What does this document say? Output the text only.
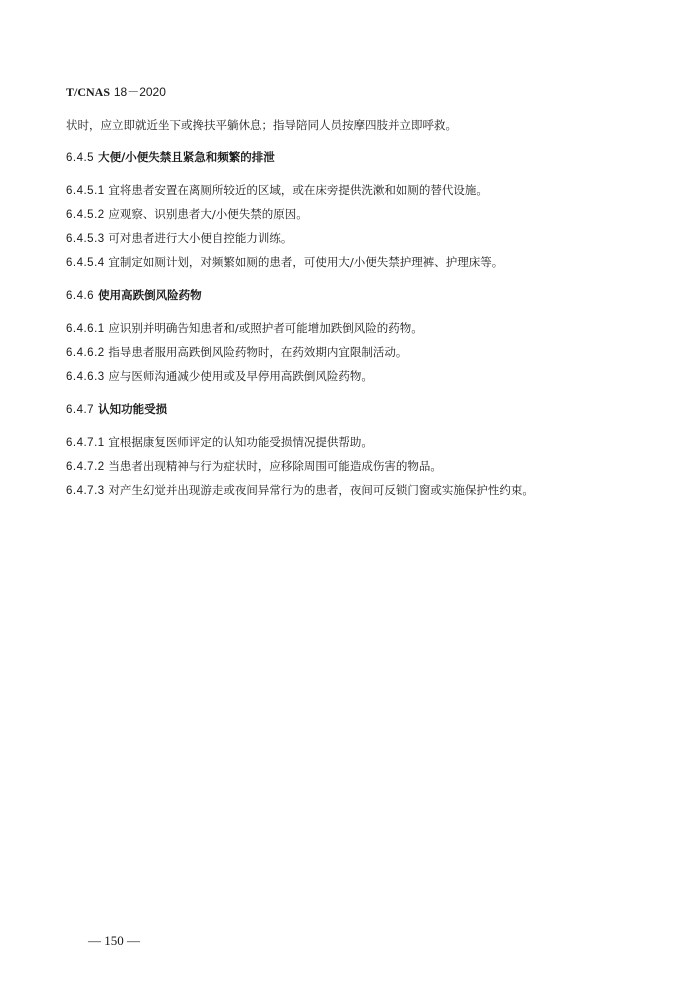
T/CNAS 18－2020
状时，应立即就近坐下或搀扶平躺休息；指导陪同人员按摩四肢并立即呼救。
6.4.5 大便/小便失禁且紧急和频繁的排泄
6.4.5.1 宜将患者安置在离厕所较近的区域，或在床旁提供洗漱和如厕的替代设施。
6.4.5.2 应观察、识别患者大/小便失禁的原因。
6.4.5.3 可对患者进行大小便自控能力训练。
6.4.5.4 宜制定如厕计划，对频繁如厕的患者，可使用大/小便失禁护理裤、护理床等。
6.4.6 使用高跌倒风险药物
6.4.6.1 应识别并明确告知患者和/或照护者可能增加跌倒风险的药物。
6.4.6.2 指导患者服用高跌倒风险药物时，在药效期内宜限制活动。
6.4.6.3 应与医师沟通减少使用或及早停用高跌倒风险药物。
6.4.7 认知功能受损
6.4.7.1 宜根据康复医师评定的认知功能受损情况提供帮助。
6.4.7.2 当患者出现精神与行为症状时，应移除周围可能造成伤害的物品。
6.4.7.3 对产生幻觉并出现游走或夜间异常行为的患者，夜间可反锁门窗或实施保护性约束。
— 150 —
